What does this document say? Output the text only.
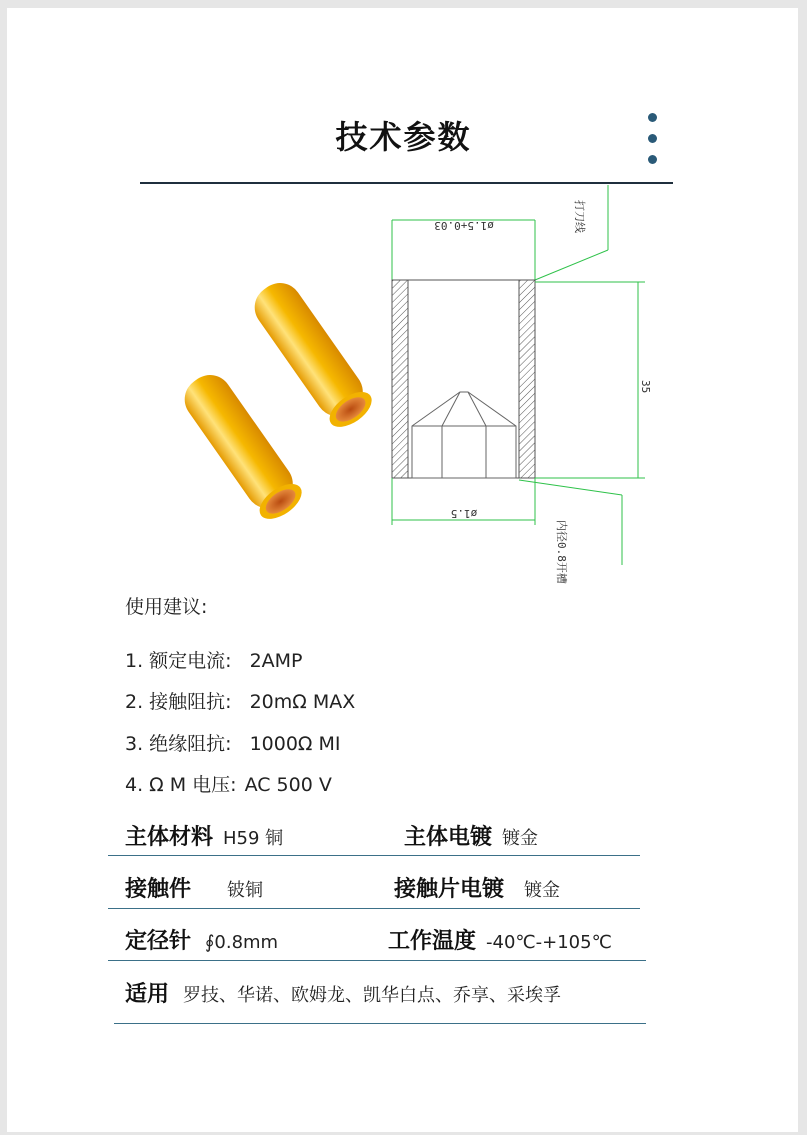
技术参数
ø1.5+0.03	打刀线
35
内径0.8开槽
ø1.5
使用建议:
1. 额定电流: 2AMP
2. 接触阻抗: 20mΩ MAX
3. 绝缘阻抗: 1000Ω MI
4. Ω M 电压: AC 500 V
主体材料 H59 铜	主体电镀 镀金
接触件 铍铜	接触片电镀 镀金
定径针 ∮0.8mm	工作温度 -40℃-+105℃
适用 罗技、华诺、欧姆龙、凯华白点、乔享、采埃孚
